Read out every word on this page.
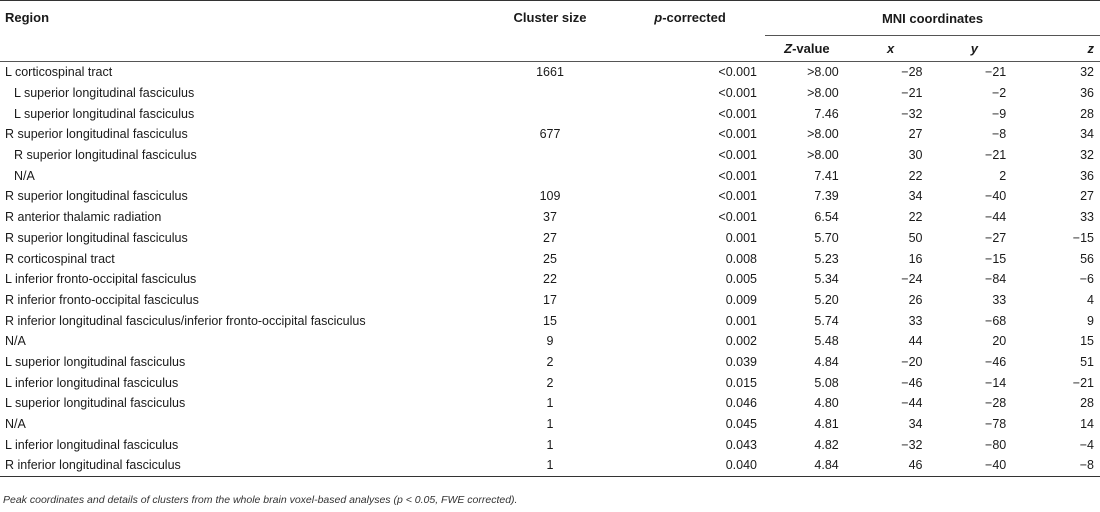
Region	Cluster size	p-corrected	MNI coordinates			
			Z-value	x	y	z
L corticospinal tract	1661	<0.001	>8.00	−28	−21	32
L superior longitudinal fasciculus		<0.001	>8.00	−21	−2	36
L superior longitudinal fasciculus		<0.001	7.46	−32	−9	28
R superior longitudinal fasciculus	677	<0.001	>8.00	27	−8	34
R superior longitudinal fasciculus		<0.001	>8.00	30	−21	32
N/A		<0.001	7.41	22	2	36
R superior longitudinal fasciculus	109	<0.001	7.39	34	−40	27
R anterior thalamic radiation	37	<0.001	6.54	22	−44	33
R superior longitudinal fasciculus	27	0.001	5.70	50	−27	−15
R corticospinal tract	25	0.008	5.23	16	−15	56
L inferior fronto-occipital fasciculus	22	0.005	5.34	−24	−84	−6
R inferior fronto-occipital fasciculus	17	0.009	5.20	26	33	4
R inferior longitudinal fasciculus/inferior fronto-occipital fasciculus	15	0.001	5.74	33	−68	9
N/A	9	0.002	5.48	44	20	15
L superior longitudinal fasciculus	2	0.039	4.84	−20	−46	51
L inferior longitudinal fasciculus	2	0.015	5.08	−46	−14	−21
L superior longitudinal fasciculus	1	0.046	4.80	−44	−28	28
N/A	1	0.045	4.81	34	−78	14
L inferior longitudinal fasciculus	1	0.043	4.82	−32	−80	−4
R inferior longitudinal fasciculus	1	0.040	4.84	46	−40	−8
Peak coordinates and details of clusters from the whole brain voxel-based analyses (p < 0.05, FWE corrected).
